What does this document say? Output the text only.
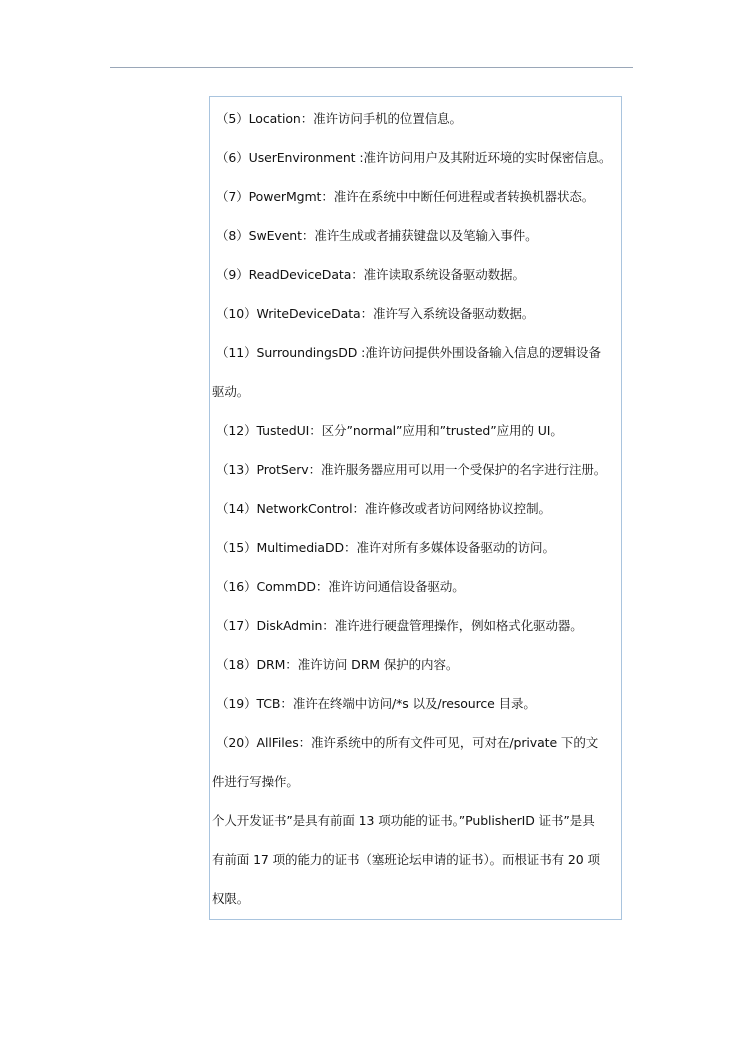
（5）Location：准许访问手机的位置信息。
（6）UserEnvironment :准许访问用户及其附近环境的实时保密信息。
（7）PowerMgmt：准许在系统中中断任何进程或者转换机器状态。
（8）SwEvent：准许生成或者捕获键盘以及笔输入事件。
（9）ReadDeviceData：准许读取系统设备驱动数据。
（10）WriteDeviceData：准许写入系统设备驱动数据。
（11）SurroundingsDD :准许访问提供外围设备输入信息的逻辑设备
驱动。
（12）TustedUI：区分”normal”应用和”trusted”应用的 UI。
（13）ProtServ：准许服务器应用可以用一个受保护的名字进行注册。
（14）NetworkControl：准许修改或者访问网络协议控制。
（15）MultimediaDD：准许对所有多媒体设备驱动的访问。
（16）CommDD：准许访问通信设备驱动。
（17）DiskAdmin：准许进行硬盘管理操作，例如格式化驱动器。
（18）DRM：准许访问 DRM 保护的内容。
（19）TCB：准许在终端中访问/*s 以及/resource 目录。
（20）AllFiles：准许系统中的所有文件可见，可对在/private 下的文
件进行写操作。
个人开发证书”是具有前面 13 项功能的证书。”PublisherID 证书”是具
有前面 17 项的能力的证书（塞班论坛申请的证书）。而根证书有 20 项
权限。
